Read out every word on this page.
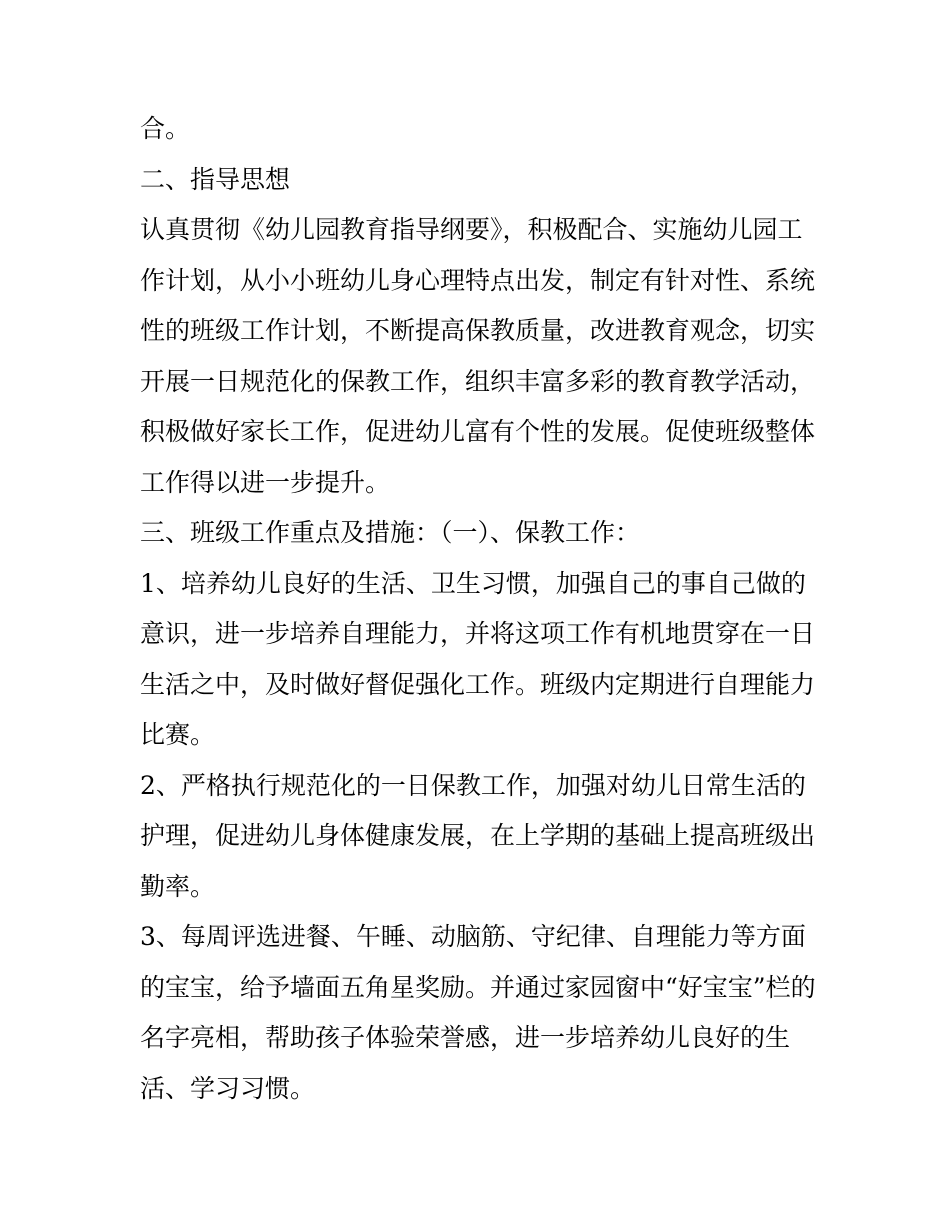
合。
二、指导思想
认真贯彻《幼儿园教育指导纲要》，积极配合、实施幼儿园工
作计划，从小小班幼儿身心理特点出发，制定有针对性、系统
性的班级工作计划，不断提高保教质量，改进教育观念，切实
开展一日规范化的保教工作，组织丰富多彩的教育教学活动，
积极做好家长工作，促进幼儿富有个性的发展。促使班级整体
工作得以进一步提升。
三、班级工作重点及措施：（一）、保教工作：
1、培养幼儿良好的生活、卫生习惯，加强自己的事自己做的
意识，进一步培养自理能力，并将这项工作有机地贯穿在一日
生活之中，及时做好督促强化工作。班级内定期进行自理能力
比赛。
2、严格执行规范化的一日保教工作，加强对幼儿日常生活的
护理，促进幼儿身体健康发展，在上学期的基础上提高班级出
勤率。
3、每周评选进餐、午睡、动脑筋、守纪律、自理能力等方面
的宝宝，给予墙面五角星奖励。并通过家园窗中“好宝宝”栏的
名字亮相，帮助孩子体验荣誉感，进一步培养幼儿良好的生
活、学习习惯。
